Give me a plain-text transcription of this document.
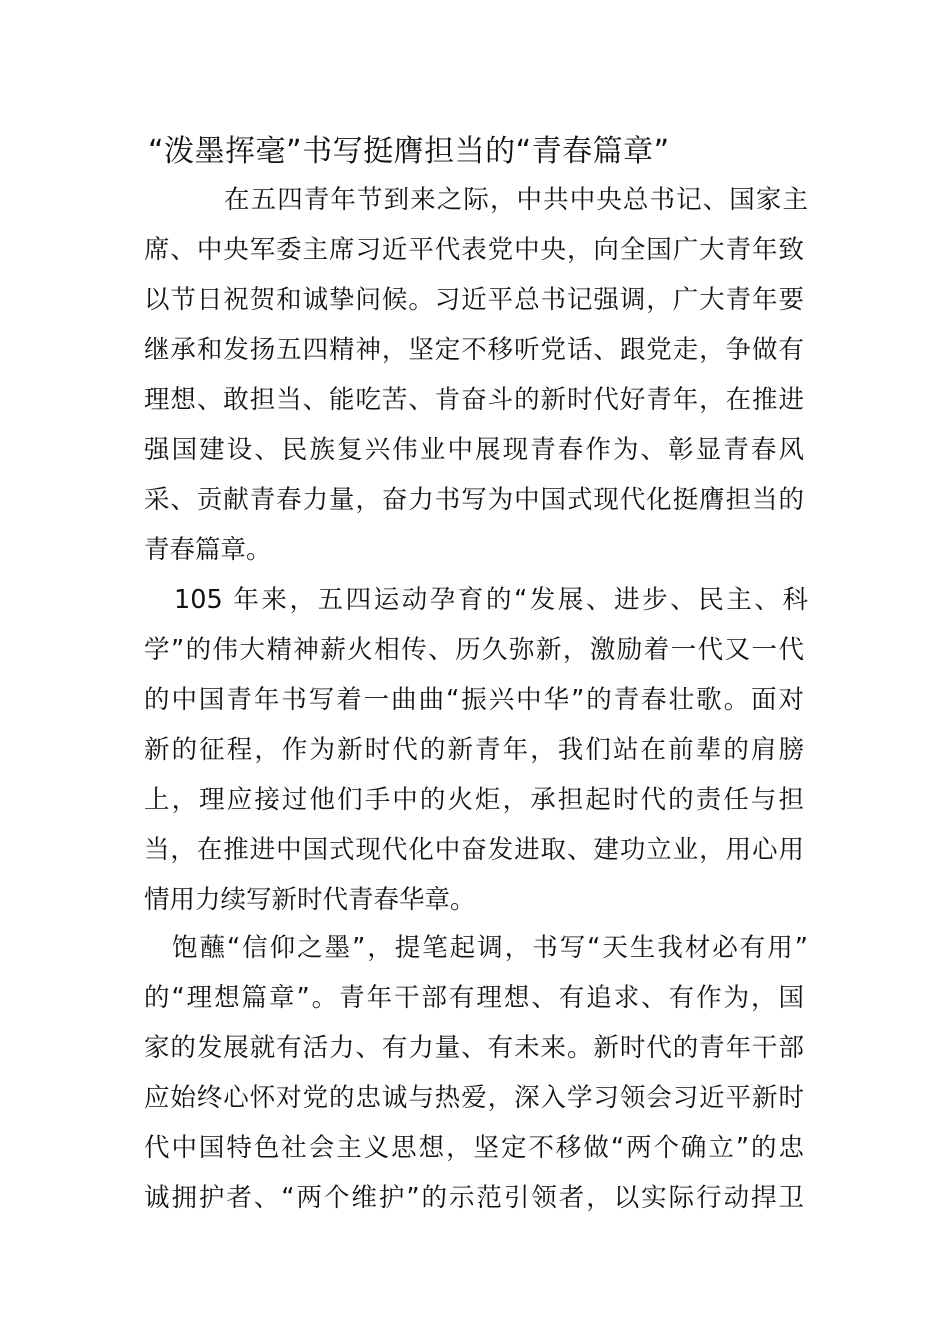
“泼墨挥毫”书写挺膺担当的“青春篇章”

在五四青年节到来之际，中共中央总书记、国家主

席、中央军委主席习近平代表党中央，向全国广大青年致

以节日祝贺和诚挚问候。习近平总书记强调，广大青年要

继承和发扬五四精神，坚定不移听党话、跟党走，争做有

理想、敢担当、能吃苦、肯奋斗的新时代好青年，在推进

强国建设、民族复兴伟业中展现青春作为、彰显青春风

采、贡献青春力量，奋力书写为中国式现代化挺膺担当的

青春篇章。

105 年来，五四运动孕育的“发展、进步、民主、科

学”的伟大精神薪火相传、历久弥新，激励着一代又一代

的中国青年书写着一曲曲“振兴中华”的青春壮歌。面对

新的征程，作为新时代的新青年，我们站在前辈的肩膀

上，理应接过他们手中的火炬，承担起时代的责任与担

当，在推进中国式现代化中奋发进取、建功立业，用心用

情用力续写新时代青春华章。

饱蘸“信仰之墨”，提笔起调，书写“天生我材必有用”

的“理想篇章”。青年干部有理想、有追求、有作为，国

家的发展就有活力、有力量、有未来。新时代的青年干部

应始终心怀对党的忠诚与热爱，深入学习领会习近平新时

代中国特色社会主义思想，坚定不移做“两个确立”的忠

诚拥护者、“两个维护”的示范引领者，以实际行动捍卫
